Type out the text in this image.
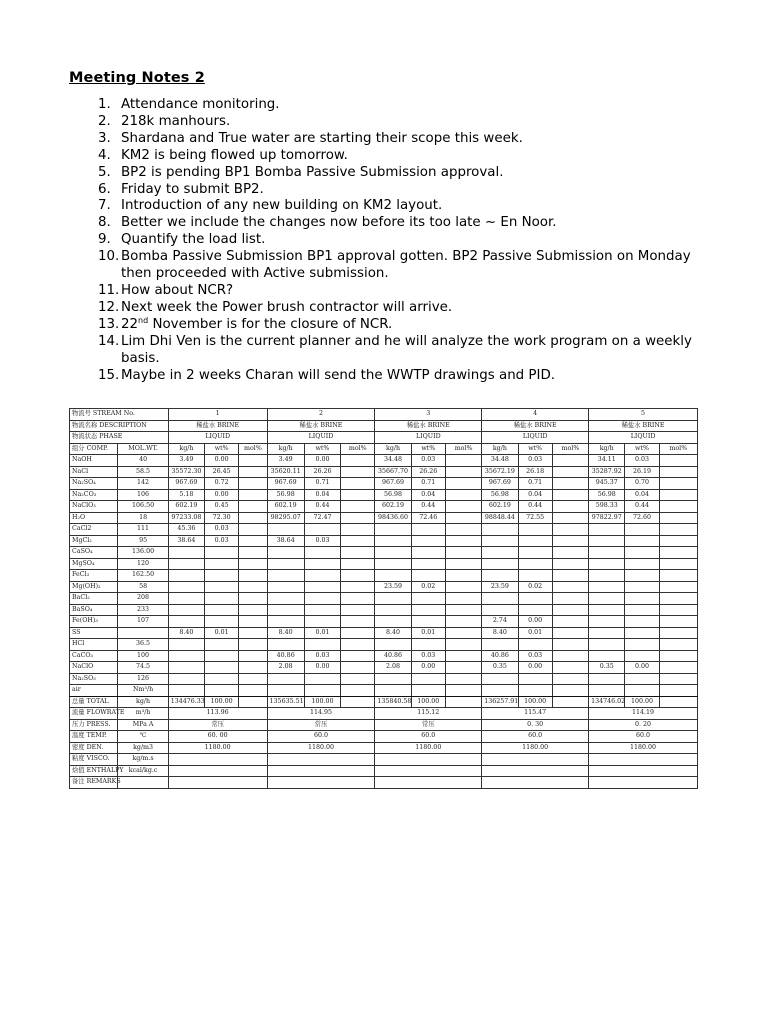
Meeting Notes 2
1. Attendance monitoring.
2. 218k manhours.
3. Shardana and True water are starting their scope this week.
4. KM2 is being flowed up tomorrow.
5. BP2 is pending BP1 Bomba Passive Submission approval.
6. Friday to submit BP2.
7. Introduction of any new building on KM2 layout.
8. Better we include the changes now before its too late ~ En Noor.
9. Quantify the load list.
10. Bomba Passive Submission BP1 approval gotten. BP2 Passive Submission on Monday then proceeded with Active submission.
11. How about NCR?
12. Next week the Power brush contractor will arrive.
13. 22nd November is for the closure of NCR.
14. Lim Dhi Ven is the current planner and he will analyze the work program on a weekly basis.
15. Maybe in 2 weeks Charan will send the WWTP drawings and PID.
物流号 STREAM No.		1			2			3			4			5		
物流名称 DESCRIPTION		稀盐水 BRINE			稀盐水 BRINE			稀盐水 BRINE			稀盐水 BRINE			稀盐水 BRINE		
物流状态 PHASE		LIQUID			LIQUID			LIQUID			LIQUID			LIQUID		
组分 COMP.	MOL.WT.	kg/h	wt%	mol%	kg/h	wt%	mol%	kg/h	wt%	mol%	kg/h	wt%	mol%	kg/h	wt%	mol%
NaOH	40	3.49	0.00		3.49	0.00		34.48	0.03		34.48	0.03		34.11	0.03	
NaCl	58.5	35572.30	26.45		35620.11	26.26		35667.70	26.26		35672.19	26.18		35287.92	26.19	
Na₂SO₄	142	967.69	0.72		967.69	0.71		967.69	0.71		967.69	0.71		945.37	0.70	
Na₂CO₃	106	5.18	0.00		56.98	0.04		56.98	0.04		56.98	0.04		56.98	0.04	
NaClO₃	106.50	602.19	0.45		602.19	0.44		602.19	0.44		602.19	0.44		598.33	0.44	
H₂O	18	97233.08	72.30		98295.07	72.47		98436.60	72.46		98848.44	72.55		97822.97	72.60	
CaCl2	111	45.36	0.03													
MgCl₂	95	38.64	0.03		38.64	0.03										
CaSO₄	136.00															
MgSO₄	120															
FeCl₃	162.50															
Mg(OH)₂	58							23.59	0.02		23.59	0.02				
BaCl₂	208															
BaSO₄	233															
Fe(OH)₃	107										2.74	0.00				
SS		8.40	0.01		8.40	0.01		8.40	0.01		8.40	0.01				
HCl	36.5															
CaCO₃	100				40.86	0.03		40.86	0.03		40.86	0.03				
NaClO	74.5				2.08	0.00		2.08	0.00		0.35	0.00		0.35	0.00	
Na₂SO₃	126															
air	Nm³/h															
总量 TOTAL	kg/h	134476.33	100.00		135635.51	100.00		135840.58	100.00		136257.91	100.00		134746.02	100.00	
流量 FLOWRATE	m³/h	113.96			114.95			115.12			115.47			114.19		
压力 PRESS.	MPa A	常压			常压			常压			0. 30			0. 20		
温度 TEMP.	℃	60. 00			60.0			60.0			60.0			60.0		
密度 DEN.	kg/m3	1180.00			1180.00			1180.00			1180.00			1180.00		
粘度 VISCO.	kg/m.s															
焓值 ENTHALPY	kcal/kg.c															
备注 REMARKS																
